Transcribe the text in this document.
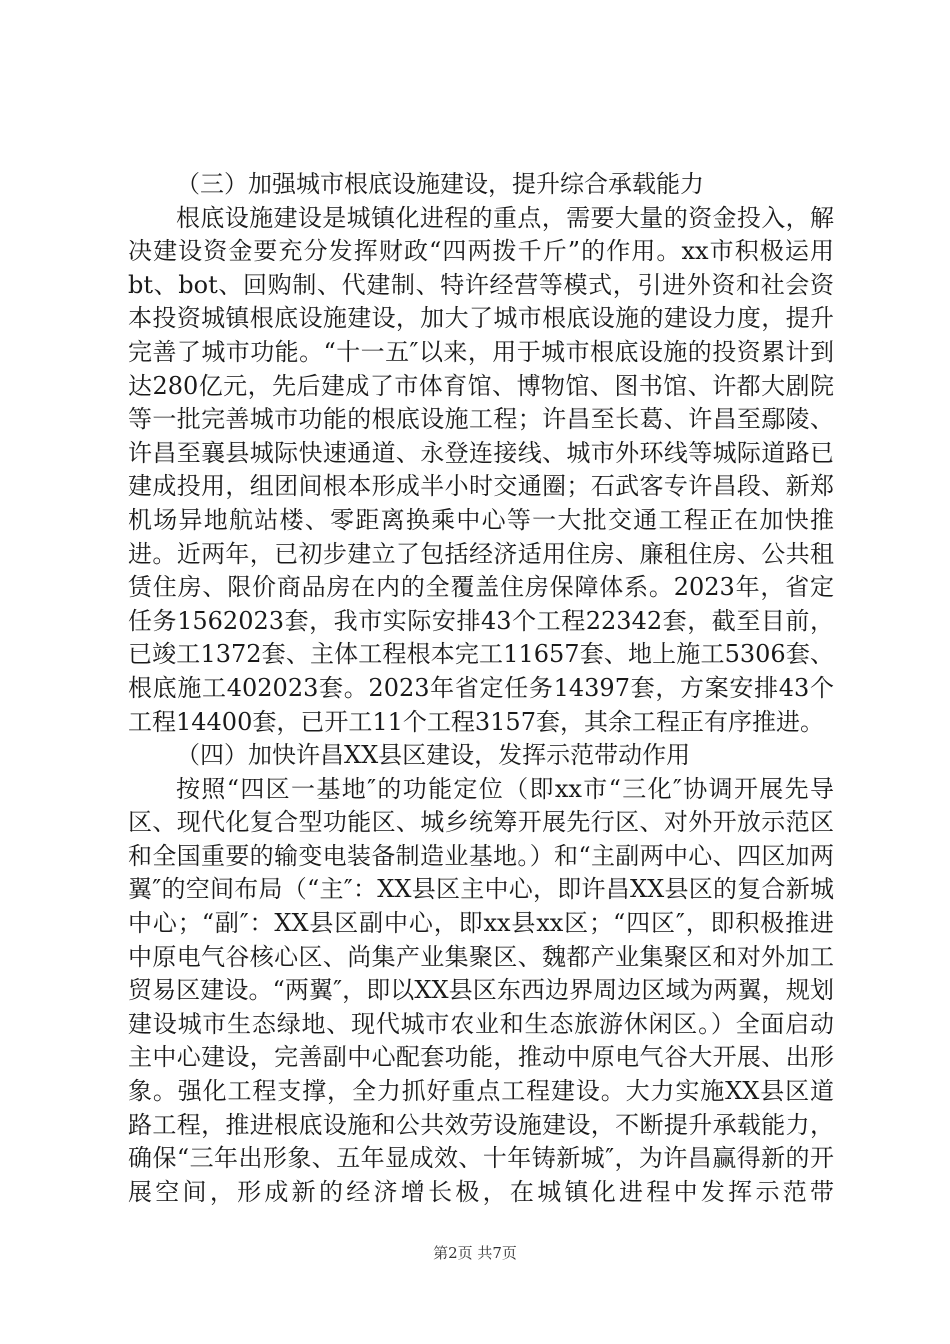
（三）加强城市根底设施建设，提升综合承载能力

根底设施建设是城镇化进程的重点，需要大量的资金投入，解决建设资金要充分发挥财政“四两拨千斤”的作用。xx市积极运用bt、bot、回购制、代建制、特许经营等模式，引进外资和社会资本投资城镇根底设施建设，加大了城市根底设施的建设力度，提升完善了城市功能。“十一五″以来，用于城市根底设施的投资累计到达280亿元，先后建成了市体育馆、博物馆、图书馆、许都大剧院等一批完善城市功能的根底设施工程；许昌至长葛、许昌至鄢陵、许昌至襄县城际快速通道、永登连接线、城市外环线等城际道路已建成投用，组团间根本形成半小时交通圈；石武客专许昌段、新郑机场异地航站楼、零距离换乘中心等一大批交通工程正在加快推进。近两年，已初步建立了包括经济适用住房、廉租住房、公共租赁住房、限价商品房在内的全覆盖住房保障体系。2023年，省定任务1562023套，我市实际安排43个工程22342套，截至目前，已竣工1372套、主体工程根本完工11657套、地上施工5306套、根底施工402023套。2023年省定任务14397套，方案安排43个工程14400套，已开工11个工程3157套，其余工程正有序推进。

（四）加快许昌XX县区建设，发挥示范带动作用

按照“四区一基地″的功能定位（即xx市“三化″协调开展先导区、现代化复合型功能区、城乡统筹开展先行区、对外开放示范区和全国重要的输变电装备制造业基地。）和“主副两中心、四区加两翼″的空间布局（“主″：XX县区主中心，即许昌XX县区的复合新城中心；“副″：XX县区副中心，即xx县xx区；“四区″，即积极推进中原电气谷核心区、尚集产业集聚区、魏都产业集聚区和对外加工贸易区建设。“两翼″，即以XX县区东西边界周边区域为两翼，规划建设城市生态绿地、现代城市农业和生态旅游休闲区。）全面启动主中心建设，完善副中心配套功能，推动中原电气谷大开展、出形象。强化工程支撑，全力抓好重点工程建设。大力实施XX县区道路工程，推进根底设施和公共效劳设施建设，不断提升承载能力，确保“三年出形象、五年显成效、十年铸新城″，为许昌赢得新的开展空间，形成新的经济增长极，在城镇化进程中发挥示范带

第2页 共7页
